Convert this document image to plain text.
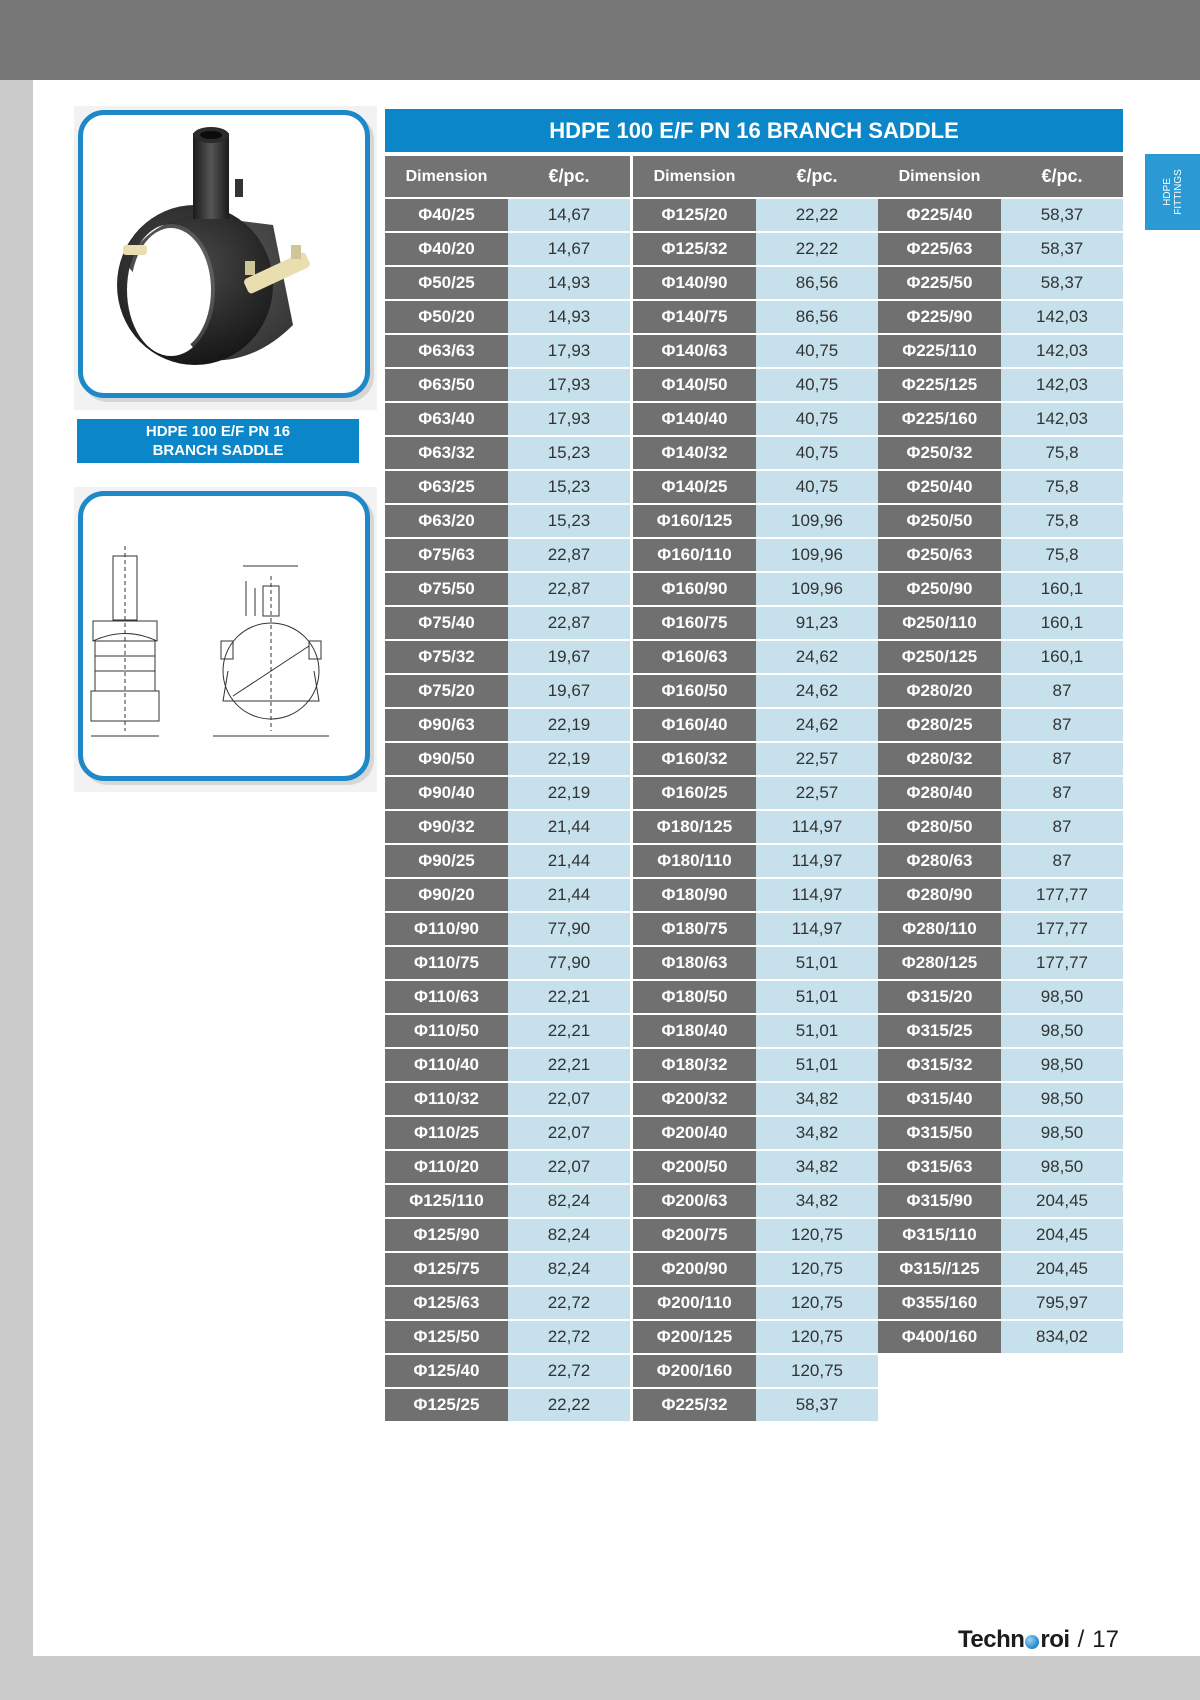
HDPE 100 E/F PN 16
BRANCH SADDLE
HDPE 100 E/F PN 16 BRANCH SADDLE
Dimension	€/pc.
Φ40/25	14,67
Φ40/20	14,67
Φ50/25	14,93
Φ50/20	14,93
Φ63/63	17,93
Φ63/50	17,93
Φ63/40	17,93
Φ63/32	15,23
Φ63/25	15,23
Φ63/20	15,23
Φ75/63	22,87
Φ75/50	22,87
Φ75/40	22,87
Φ75/32	19,67
Φ75/20	19,67
Φ90/63	22,19
Φ90/50	22,19
Φ90/40	22,19
Φ90/32	21,44
Φ90/25	21,44
Φ90/20	21,44
Φ110/90	77,90
Φ110/75	77,90
Φ110/63	22,21
Φ110/50	22,21
Φ110/40	22,21
Φ110/32	22,07
Φ110/25	22,07
Φ110/20	22,07
Φ125/110	82,24
Φ125/90	82,24
Φ125/75	82,24
Φ125/63	22,72
Φ125/50	22,72
Φ125/40	22,72
Φ125/25	22,22
Dimension	€/pc.
Φ125/20	22,22
Φ125/32	22,22
Φ140/90	86,56
Φ140/75	86,56
Φ140/63	40,75
Φ140/50	40,75
Φ140/40	40,75
Φ140/32	40,75
Φ140/25	40,75
Φ160/125	109,96
Φ160/110	109,96
Φ160/90	109,96
Φ160/75	91,23
Φ160/63	24,62
Φ160/50	24,62
Φ160/40	24,62
Φ160/32	22,57
Φ160/25	22,57
Φ180/125	114,97
Φ180/110	114,97
Φ180/90	114,97
Φ180/75	114,97
Φ180/63	51,01
Φ180/50	51,01
Φ180/40	51,01
Φ180/32	51,01
Φ200/32	34,82
Φ200/40	34,82
Φ200/50	34,82
Φ200/63	34,82
Φ200/75	120,75
Φ200/90	120,75
Φ200/110	120,75
Φ200/125	120,75
Φ200/160	120,75
Φ225/32	58,37
Dimension	€/pc.
Φ225/40	58,37
Φ225/63	58,37
Φ225/50	58,37
Φ225/90	142,03
Φ225/110	142,03
Φ225/125	142,03
Φ225/160	142,03
Φ250/32	75,8
Φ250/40	75,8
Φ250/50	75,8
Φ250/63	75,8
Φ250/90	160,1
Φ250/110	160,1
Φ250/125	160,1
Φ280/20	87
Φ280/25	87
Φ280/32	87
Φ280/40	87
Φ280/50	87
Φ280/63	87
Φ280/90	177,77
Φ280/110	177,77
Φ280/125	177,77
Φ315/20	98,50
Φ315/25	98,50
Φ315/32	98,50
Φ315/40	98,50
Φ315/50	98,50
Φ315/63	98,50
Φ315/90	204,45
Φ315/110	204,45
Φ315//125	204,45
Φ355/160	795,97
Φ400/160	834,02
HDPE FITTINGS
Techn roi / 17
